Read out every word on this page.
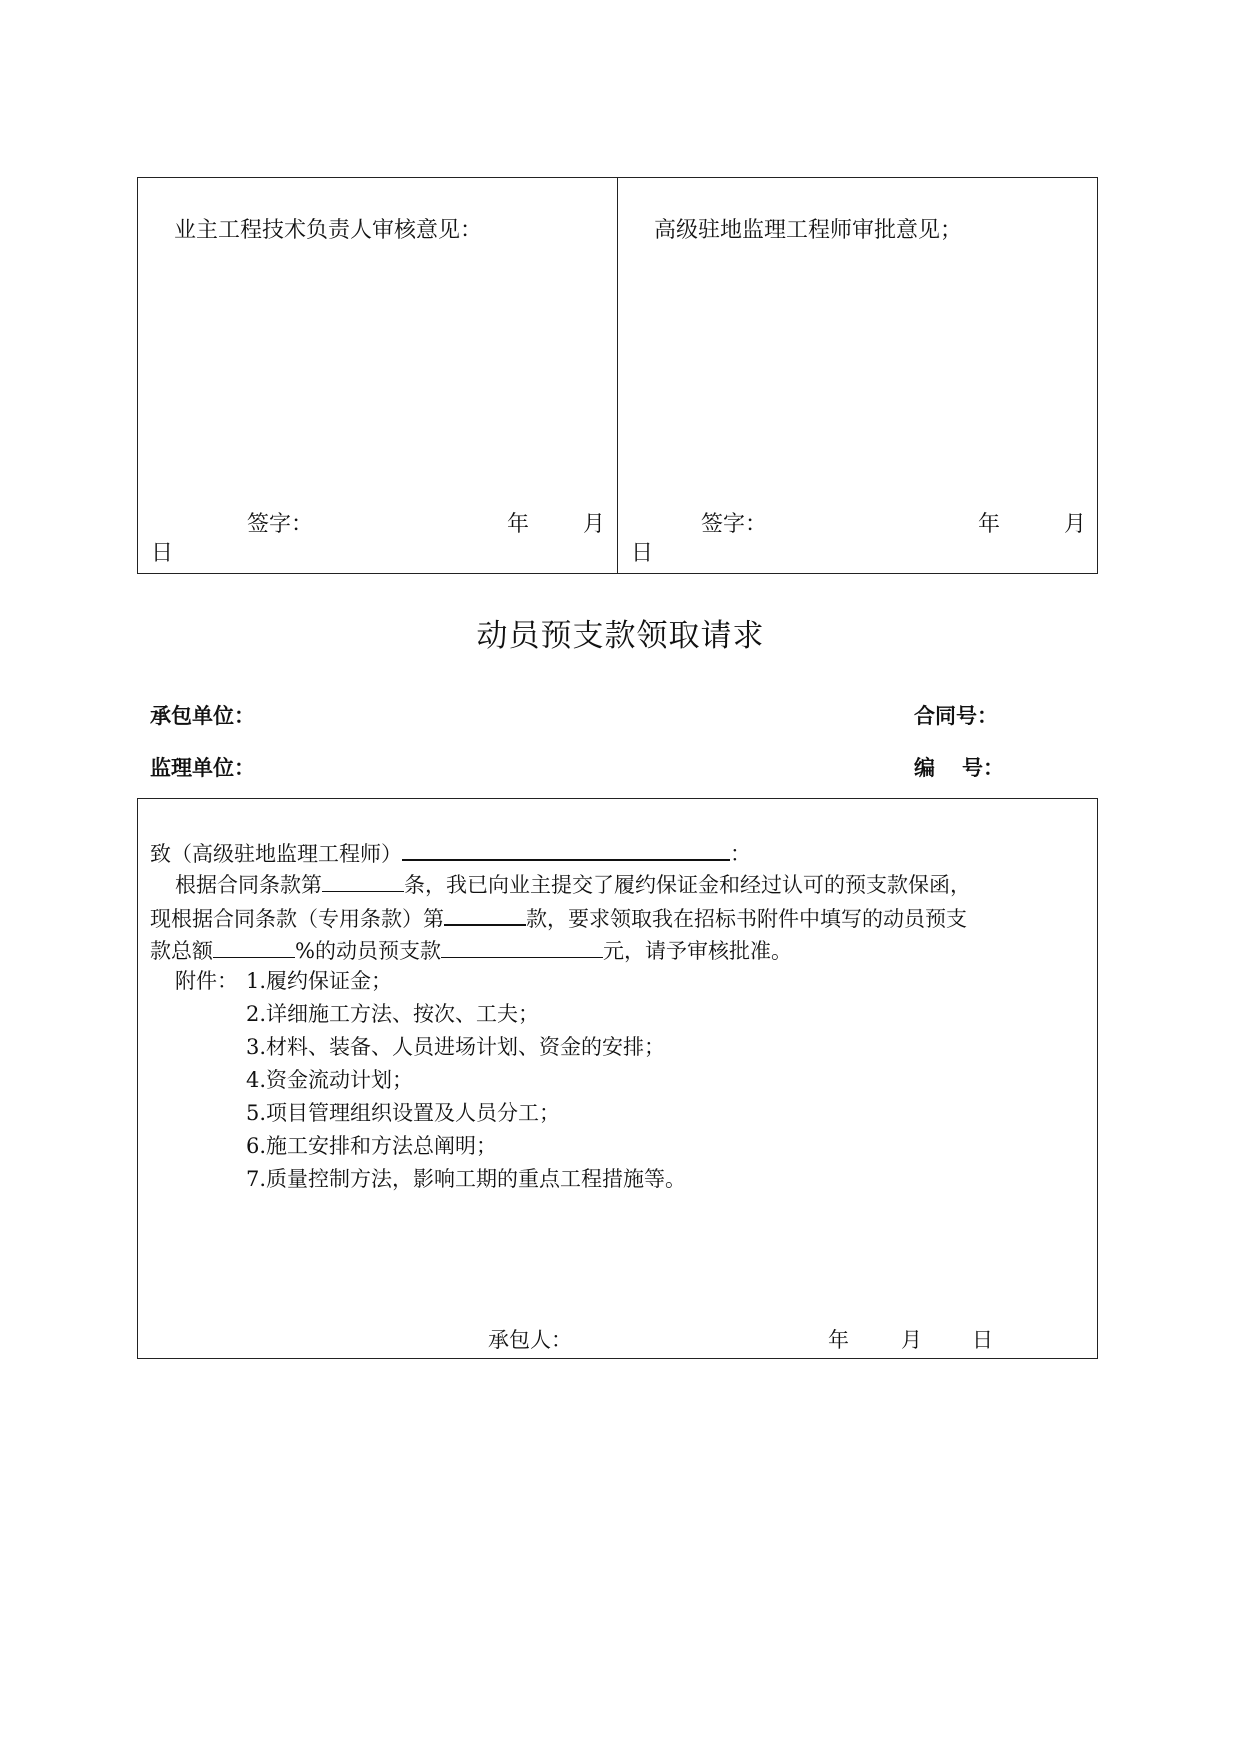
业主工程技术负责人审核意见：
签字：	年 月
日
高级驻地监理工程师审批意见；
签字：	年	月
日
动员预支款领取请求
承包单位：	合同号：
监理单位：	编 号：
致（高级驻地监理工程师）	：
根据合同条款第	条，我已向业主提交了履约保证金和经过认可的预支款保函，
现根据合同条款（专用条款）第	款，要求领取我在招标书附件中填写的动员预支
款总额	%的动员预支款	元，请予审核批准。
附件： 1.履约保证金；
2.详细施工方法、按次、工夫；
3.材料、装备、人员进场计划、资金的安排；
4.资金流动计划；
5.项目管理组织设置及人员分工；
6.施工安排和方法总阐明；
7.质量控制方法，影响工期的重点工程措施等。
承包人：	年 月 日
